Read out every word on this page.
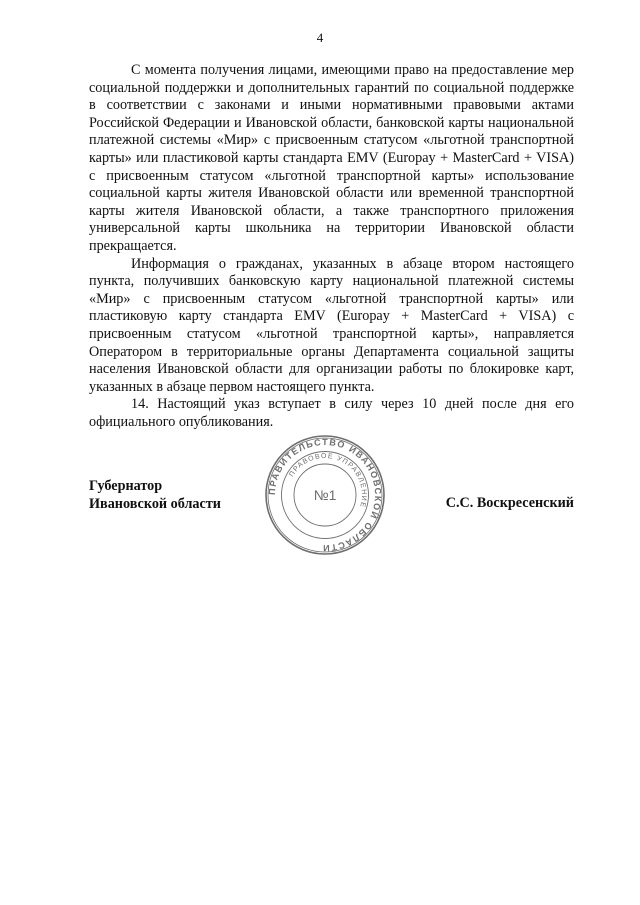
4

С момента получения лицами, имеющими право на предоставление мер социальной поддержки и дополнительных гарантий по социальной поддержке в соответствии с законами и иными нормативными правовыми актами Российской Федерации и Ивановской области, банковской карты национальной платежной системы «Мир» с присвоенным статусом «льготной транспортной карты» или пластиковой карты стандарта EMV (Europay + MasterCard + VISA) с присвоенным статусом «льготной транспортной карты» использование социальной карты жителя Ивановской области или временной транспортной карты жителя Ивановской области, а также транспортного приложения универсальной карты школьника на территории Ивановской области прекращается.

Информация о гражданах, указанных в абзаце втором настоящего пункта, получивших банковскую карту национальной платежной системы «Мир» с присвоенным статусом «льготной транспортной карты» или пластиковую карту стандарта EMV (Europay + MasterCard + VISA) с присвоенным статусом «льготной транспортной карты», направляется Оператором в территориальные органы Департамента социальной защиты населения Ивановской области для организации работы по блокировке карт, указанных в абзаце первом настоящего пункта.

14. Настоящий указ вступает в силу через 10 дней после дня его официального опубликования.

Губернатор
Ивановской области	С.С. Воскресенский
ПРАВИТЕЛЬСТВО ИВАНОВСКОЙ ОБЛАСТИ
ПРАВОВОЕ УПРАВЛЕНИЕ
№1
